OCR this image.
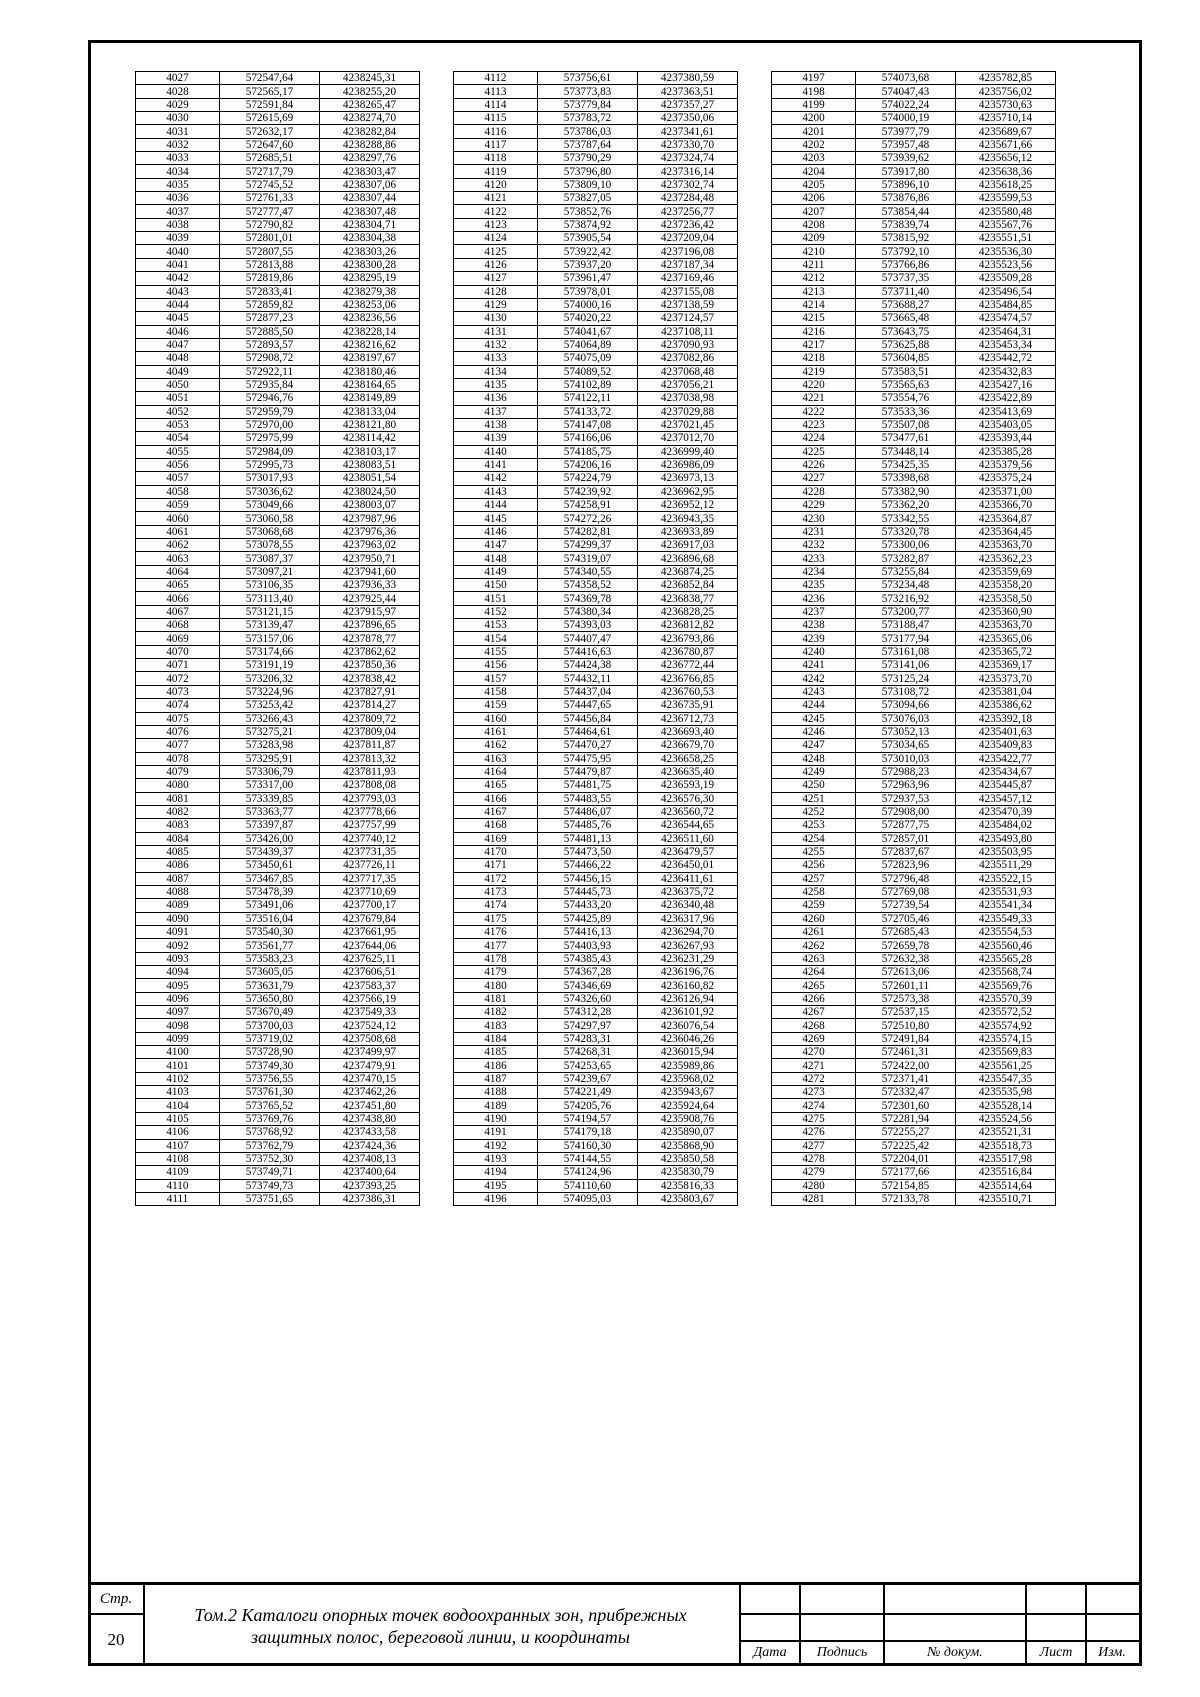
4027	572547,64	4238245,31
4028	572565,17	4238255,20
4029	572591,84	4238265,47
4030	572615,69	4238274,70
4031	572632,17	4238282,84
4032	572647,60	4238288,86
4033	572685,51	4238297,76
4034	572717,79	4238303,47
4035	572745,52	4238307,06
4036	572761,33	4238307,44
4037	572777,47	4238307,48
4038	572790,82	4238304,71
4039	572801,01	4238304,38
4040	572807,55	4238303,26
4041	572813,88	4238300,28
4042	572819,86	4238295,19
4043	572833,41	4238279,38
4044	572859,82	4238253,06
4045	572877,23	4238236,56
4046	572885,50	4238228,14
4047	572893,57	4238216,62
4048	572908,72	4238197,67
4049	572922,11	4238180,46
4050	572935,84	4238164,65
4051	572946,76	4238149,89
4052	572959,79	4238133,04
4053	572970,00	4238121,80
4054	572975,99	4238114,42
4055	572984,09	4238103,17
4056	572995,73	4238083,51
4057	573017,93	4238051,54
4058	573036,62	4238024,50
4059	573049,66	4238003,07
4060	573060,58	4237987,96
4061	573068,68	4237976,36
4062	573078,55	4237963,02
4063	573087,37	4237950,71
4064	573097,21	4237941,60
4065	573106,35	4237936,33
4066	573113,40	4237925,44
4067	573121,15	4237915,97
4068	573139,47	4237896,65
4069	573157,06	4237878,77
4070	573174,66	4237862,62
4071	573191,19	4237850,36
4072	573206,32	4237838,42
4073	573224,96	4237827,91
4074	573253,42	4237814,27
4075	573266,43	4237809,72
4076	573275,21	4237809,04
4077	573283,98	4237811,87
4078	573295,91	4237813,32
4079	573306,79	4237811,93
4080	573317,00	4237808,08
4081	573339,85	4237793,03
4082	573363,77	4237778,66
4083	573397,87	4237757,99
4084	573426,00	4237740,12
4085	573439,37	4237731,35
4086	573450,61	4237726,11
4087	573467,85	4237717,35
4088	573478,39	4237710,69
4089	573491,06	4237700,17
4090	573516,04	4237679,84
4091	573540,30	4237661,95
4092	573561,77	4237644,06
4093	573583,23	4237625,11
4094	573605,05	4237606,51
4095	573631,79	4237583,37
4096	573650,80	4237566,19
4097	573670,49	4237549,33
4098	573700,03	4237524,12
4099	573719,02	4237508,68
4100	573728,90	4237499,97
4101	573749,30	4237479,91
4102	573756,55	4237470,15
4103	573761,30	4237462,26
4104	573765,52	4237451,80
4105	573769,76	4237438,80
4106	573768,92	4237433,58
4107	573762,79	4237424,36
4108	573752,30	4237408,13
4109	573749,71	4237400,64
4110	573749,73	4237393,25
4111	573751,65	4237386,31
4112	573756,61	4237380,59
4113	573773,83	4237363,51
4114	573779,84	4237357,27
4115	573783,72	4237350,06
4116	573786,03	4237341,61
4117	573787,64	4237330,70
4118	573790,29	4237324,74
4119	573796,80	4237316,14
4120	573809,10	4237302,74
4121	573827,05	4237284,48
4122	573852,76	4237256,77
4123	573874,92	4237236,42
4124	573905,54	4237209,04
4125	573922,42	4237196,08
4126	573937,20	4237187,34
4127	573961,47	4237169,46
4128	573978,01	4237155,08
4129	574000,16	4237138,59
4130	574020,22	4237124,57
4131	574041,67	4237108,11
4132	574064,89	4237090,93
4133	574075,09	4237082,86
4134	574089,52	4237068,48
4135	574102,89	4237056,21
4136	574122,11	4237038,98
4137	574133,72	4237029,88
4138	574147,08	4237021,45
4139	574166,06	4237012,70
4140	574185,75	4236999,40
4141	574206,16	4236986,09
4142	574224,79	4236973,13
4143	574239,92	4236962,95
4144	574258,91	4236952,12
4145	574272,26	4236943,35
4146	574282,81	4236933,89
4147	574299,37	4236917,03
4148	574319,07	4236896,68
4149	574340,55	4236874,25
4150	574358,52	4236852,84
4151	574369,78	4236838,77
4152	574380,34	4236828,25
4153	574393,03	4236812,82
4154	574407,47	4236793,86
4155	574416,63	4236780,87
4156	574424,38	4236772,44
4157	574432,11	4236766,85
4158	574437,04	4236760,53
4159	574447,65	4236735,91
4160	574456,84	4236712,73
4161	574464,61	4236693,40
4162	574470,27	4236679,70
4163	574475,95	4236658,25
4164	574479,87	4236635,40
4165	574481,75	4236593,19
4166	574483,55	4236576,30
4167	574486,07	4236560,72
4168	574485,76	4236544,65
4169	574481,13	4236511,60
4170	574473,50	4236479,57
4171	574466,22	4236450,01
4172	574456,15	4236411,61
4173	574445,73	4236375,72
4174	574433,20	4236340,48
4175	574425,89	4236317,96
4176	574416,13	4236294,70
4177	574403,93	4236267,93
4178	574385,43	4236231,29
4179	574367,28	4236196,76
4180	574346,69	4236160,82
4181	574326,60	4236126,94
4182	574312,28	4236101,92
4183	574297,97	4236076,54
4184	574283,31	4236046,26
4185	574268,31	4236015,94
4186	574253,65	4235989,86
4187	574239,67	4235968,02
4188	574221,49	4235943,67
4189	574205,76	4235924,64
4190	574194,57	4235908,76
4191	574179,18	4235890,07
4192	574160,30	4235868,90
4193	574144,55	4235850,58
4194	574124,96	4235830,79
4195	574110,60	4235816,33
4196	574095,03	4235803,67
4197	574073,68	4235782,85
4198	574047,43	4235756,02
4199	574022,24	4235730,63
4200	574000,19	4235710,14
4201	573977,79	4235689,67
4202	573957,48	4235671,66
4203	573939,62	4235656,12
4204	573917,80	4235638,36
4205	573896,10	4235618,25
4206	573876,86	4235599,53
4207	573854,44	4235580,48
4208	573839,74	4235567,76
4209	573815,92	4235551,51
4210	573792,10	4235536,30
4211	573766,86	4235523,56
4212	573737,35	4235509,28
4213	573711,40	4235496,54
4214	573688,27	4235484,85
4215	573665,48	4235474,57
4216	573643,75	4235464,31
4217	573625,88	4235453,34
4218	573604,85	4235442,72
4219	573583,51	4235432,83
4220	573565,63	4235427,16
4221	573554,76	4235422,89
4222	573533,36	4235413,69
4223	573507,08	4235403,05
4224	573477,61	4235393,44
4225	573448,14	4235385,28
4226	573425,35	4235379,56
4227	573398,68	4235375,24
4228	573382,90	4235371,00
4229	573362,20	4235366,70
4230	573342,55	4235364,87
4231	573320,78	4235364,45
4232	573300,06	4235363,70
4233	573282,87	4235362,23
4234	573255,84	4235359,69
4235	573234,48	4235358,20
4236	573216,92	4235358,50
4237	573200,77	4235360,90
4238	573188,47	4235363,70
4239	573177,94	4235365,06
4240	573161,08	4235365,72
4241	573141,06	4235369,17
4242	573125,24	4235373,70
4243	573108,72	4235381,04
4244	573094,66	4235386,62
4245	573076,03	4235392,18
4246	573052,13	4235401,63
4247	573034,65	4235409,83
4248	573010,03	4235422,77
4249	572988,23	4235434,67
4250	572963,96	4235445,87
4251	572937,53	4235457,12
4252	572908,00	4235470,39
4253	572877,75	4235484,02
4254	572857,01	4235493,80
4255	572837,67	4235503,95
4256	572823,96	4235511,29
4257	572796,48	4235522,15
4258	572769,08	4235531,93
4259	572739,54	4235541,34
4260	572705,46	4235549,33
4261	572685,43	4235554,53
4262	572659,78	4235560,46
4263	572632,38	4235565,28
4264	572613,06	4235568,74
4265	572601,11	4235569,76
4266	572573,38	4235570,39
4267	572537,15	4235572,52
4268	572510,80	4235574,92
4269	572491,84	4235574,15
4270	572461,31	4235569,83
4271	572422,00	4235561,25
4272	572371,41	4235547,35
4273	572332,47	4235535,98
4274	572301,60	4235528,14
4275	572281,94	4235524,56
4276	572255,27	4235521,31
4277	572225,42	4235518,73
4278	572204,01	4235517,98
4279	572177,66	4235516,84
4280	572154,85	4235514,64
4281	572133,78	4235510,71
Стр.
20
Том.2 Каталоги опорных точек водоохранных зон, прибрежных
защитных полос, береговой линии, и координаты
Дата	Подпись	№ докум.	Лист	Изм.
